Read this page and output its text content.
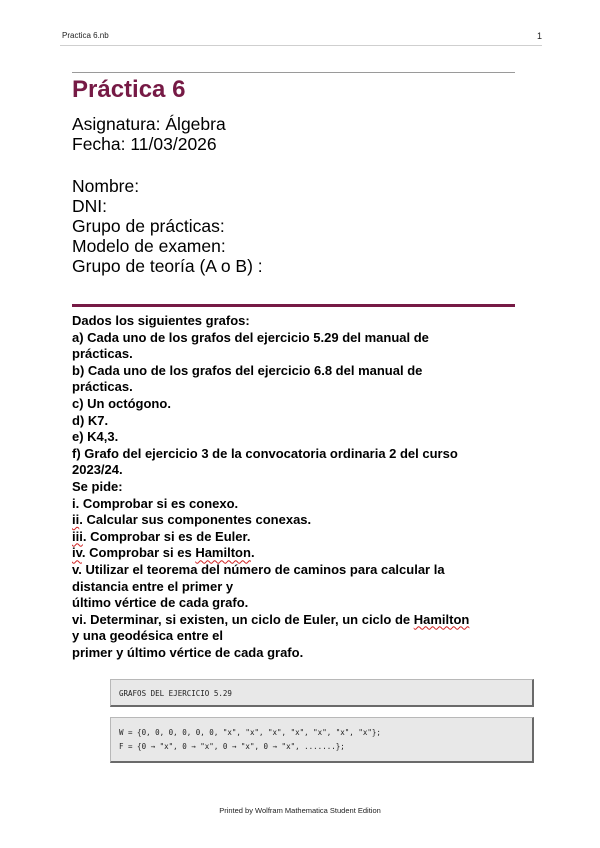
Practica 6.nb	1
Práctica 6
Asignatura: Álgebra
Fecha: 11/03/2026
Nombre:
DNI:
Grupo de prácticas:
Modelo de examen:
Grupo de teoría (A o B) :
Dados los siguientes grafos:
a) Cada uno de los grafos del ejercicio 5.29 del manual de
prácticas.
b) Cada uno de los grafos del ejercicio 6.8 del manual de
prácticas.
c) Un octógono.
d) K7.
e) K4,3.
f) Grafo del ejercicio 3 de la convocatoria ordinaria 2 del curso
2023/24.
Se pide:
i. Comprobar si es conexo.
ii. Calcular sus componentes conexas.
iii. Comprobar si es de Euler.
iv. Comprobar si es Hamilton.
v. Utilizar el teorema del número de caminos para calcular la
distancia entre el primer y
último vértice de cada grafo.
vi. Determinar, si existen, un ciclo de Euler, un ciclo de Hamilton
y una geodésica entre el
primer y último vértice de cada grafo.
GRAFOS DEL EJERCICIO 5.29
W = {0, 0, 0, 0, 0, 0, "x", "x", "x", "x", "x", "x", "x"};
F = {0 → "x", 0 → "x", 0 → "x", 0 → "x", .......};
Printed by Wolfram Mathematica Student Edition
